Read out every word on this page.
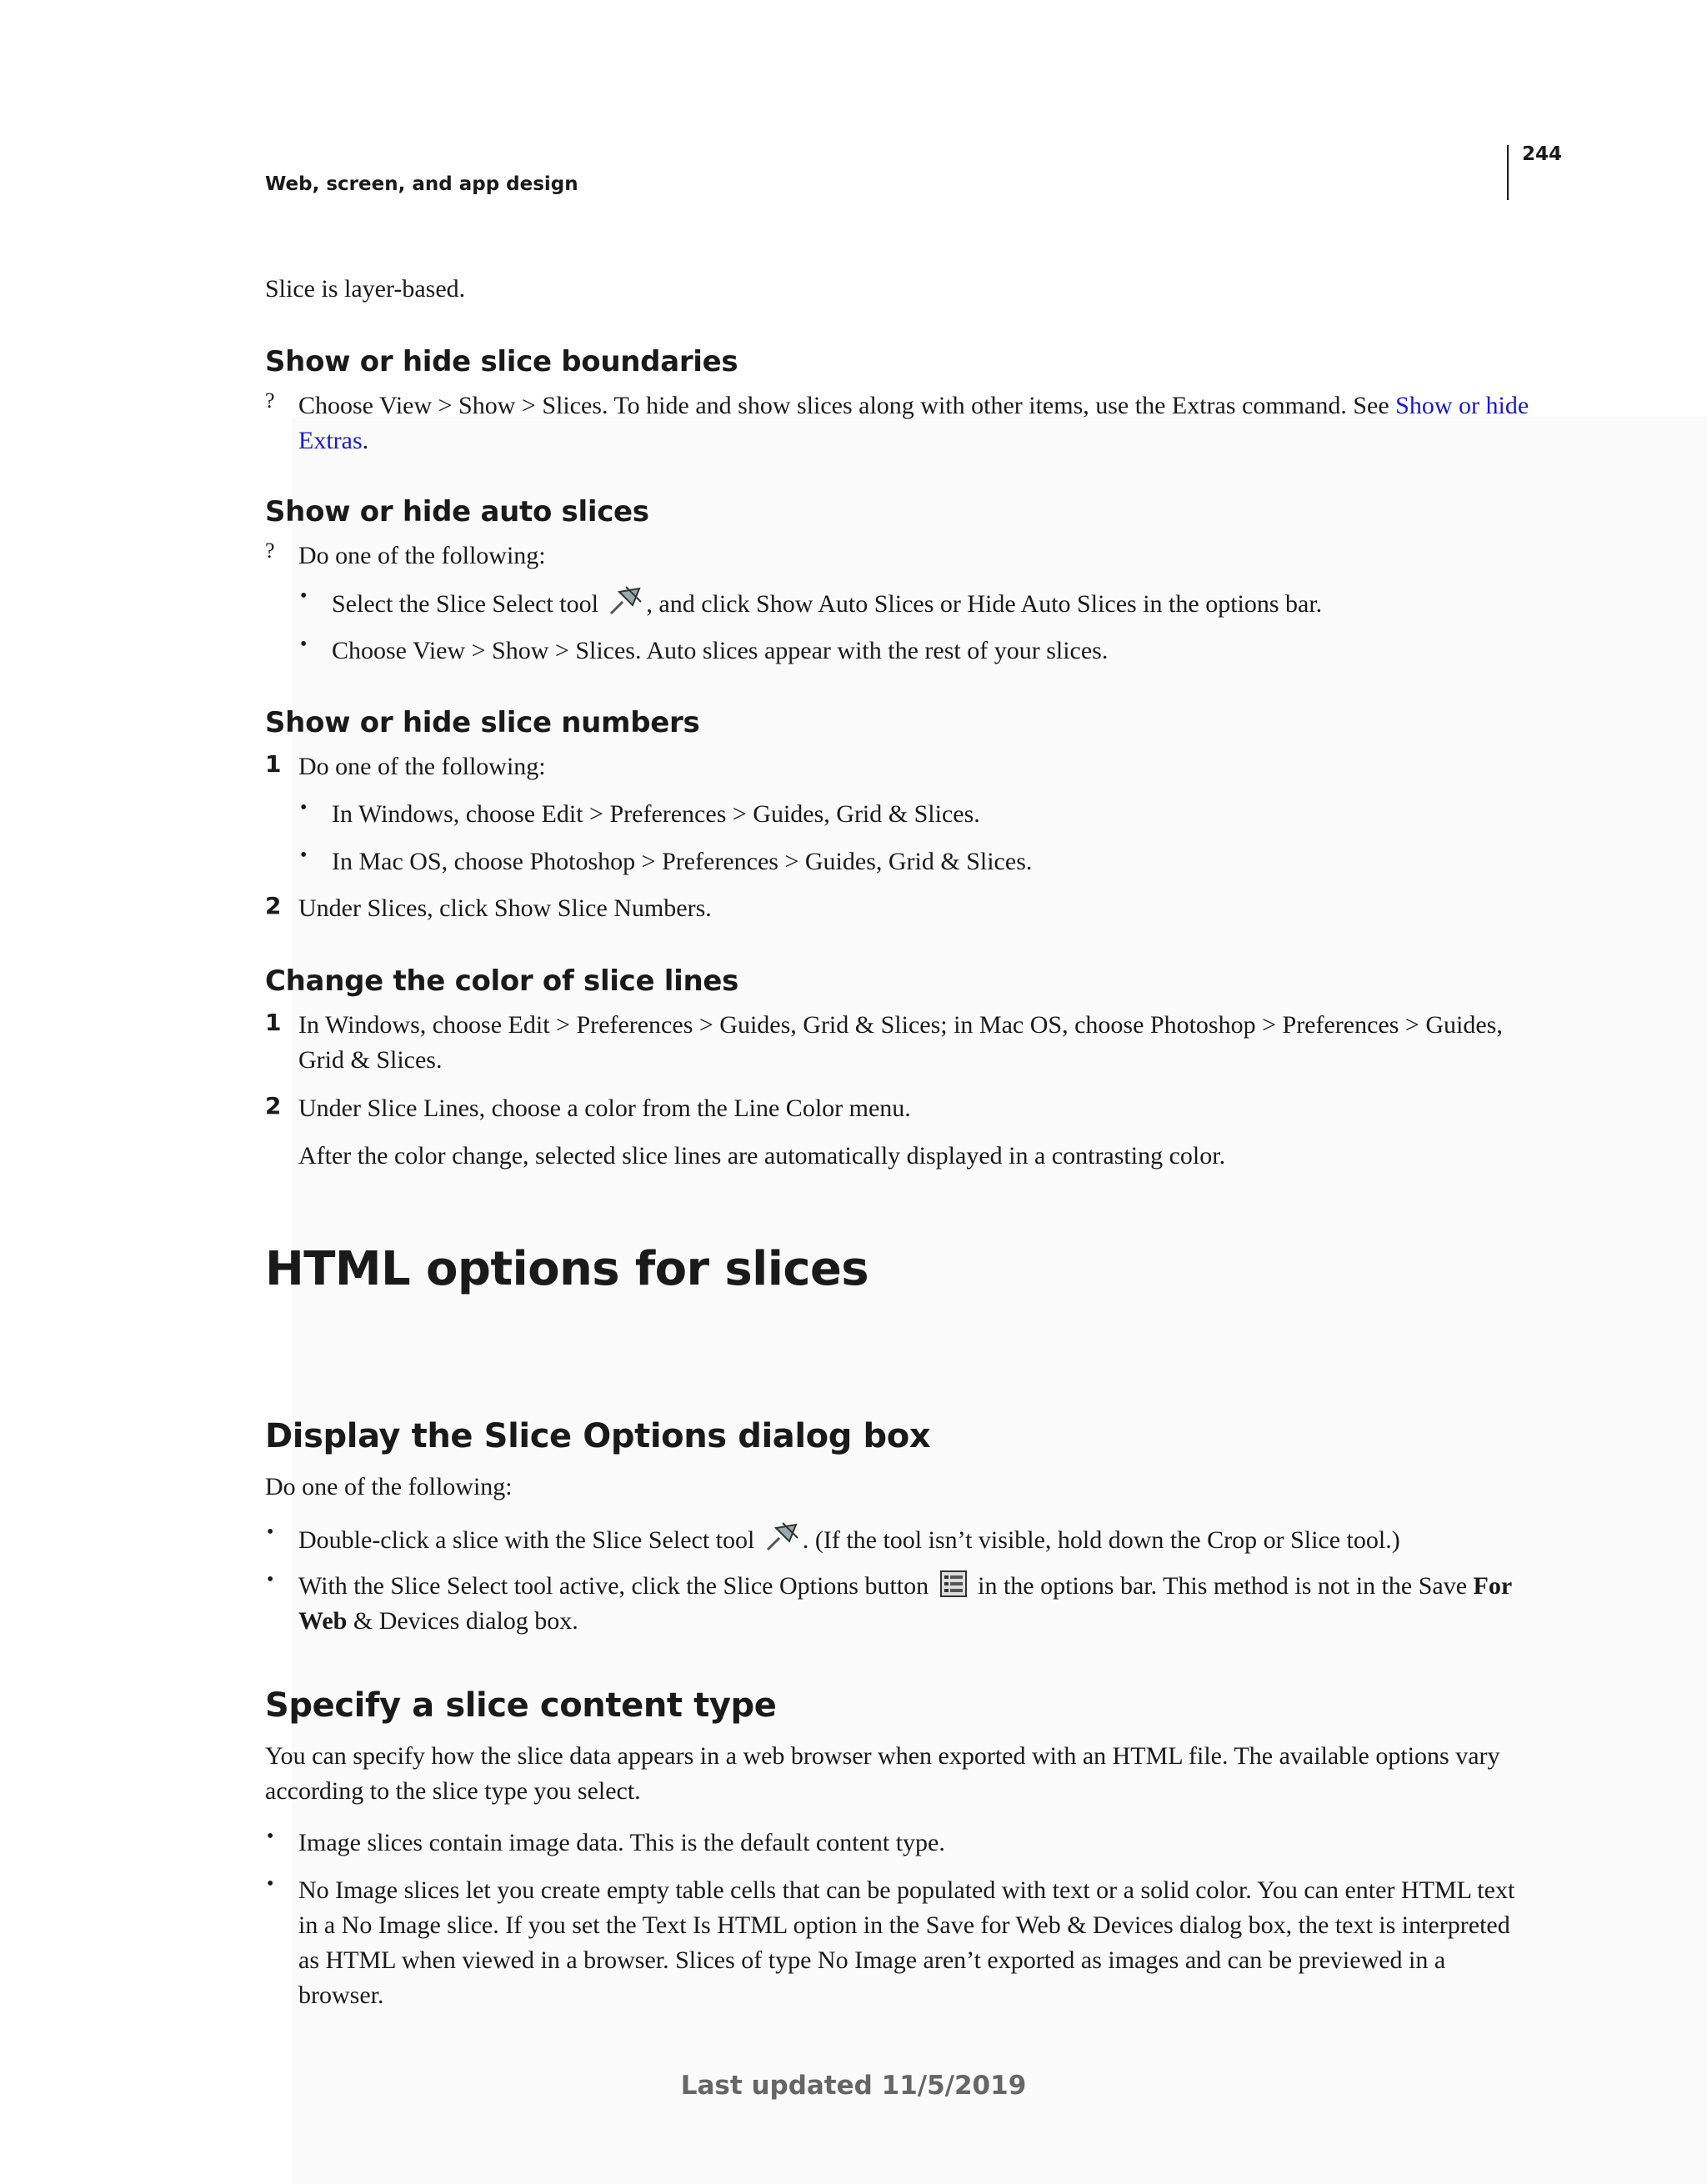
Web, screen, and app design
244
Slice is layer-based.
Show or hide slice boundaries
? Choose View > Show > Slices. To hide and show slices along with other items, use the Extras command. See Show or hide Extras.
Show or hide auto slices
? Do one of the following:
• Select the Slice Select tool , and click Show Auto Slices or Hide Auto Slices in the options bar.
• Choose View > Show > Slices. Auto slices appear with the rest of your slices.
Show or hide slice numbers
1 Do one of the following:
• In Windows, choose Edit > Preferences > Guides, Grid & Slices.
• In Mac OS, choose Photoshop > Preferences > Guides, Grid & Slices.
2 Under Slices, click Show Slice Numbers.
Change the color of slice lines
1 In Windows, choose Edit > Preferences > Guides, Grid & Slices; in Mac OS, choose Photoshop > Preferences > Guides, Grid & Slices.
2 Under Slice Lines, choose a color from the Line Color menu.
After the color change, selected slice lines are automatically displayed in a contrasting color.
HTML options for slices
Display the Slice Options dialog box
Do one of the following:
• Double-click a slice with the Slice Select tool . (If the tool isn’t visible, hold down the Crop or Slice tool.)
• With the Slice Select tool active, click the Slice Options button
in the options bar. This method is not in the Save For Web & Devices dialog box.
Specify a slice content type
You can specify how the slice data appears in a web browser when exported with an HTML file. The available options vary according to the slice type you select.
• Image slices contain image data. This is the default content type.
• No Image slices let you create empty table cells that can be populated with text or a solid color. You can enter HTML text in a No Image slice. If you set the Text Is HTML option in the Save for Web & Devices dialog box, the text is interpreted as HTML when viewed in a browser. Slices of type No Image aren’t exported as images and can be previewed in a browser.
Last updated 11/5/2019
